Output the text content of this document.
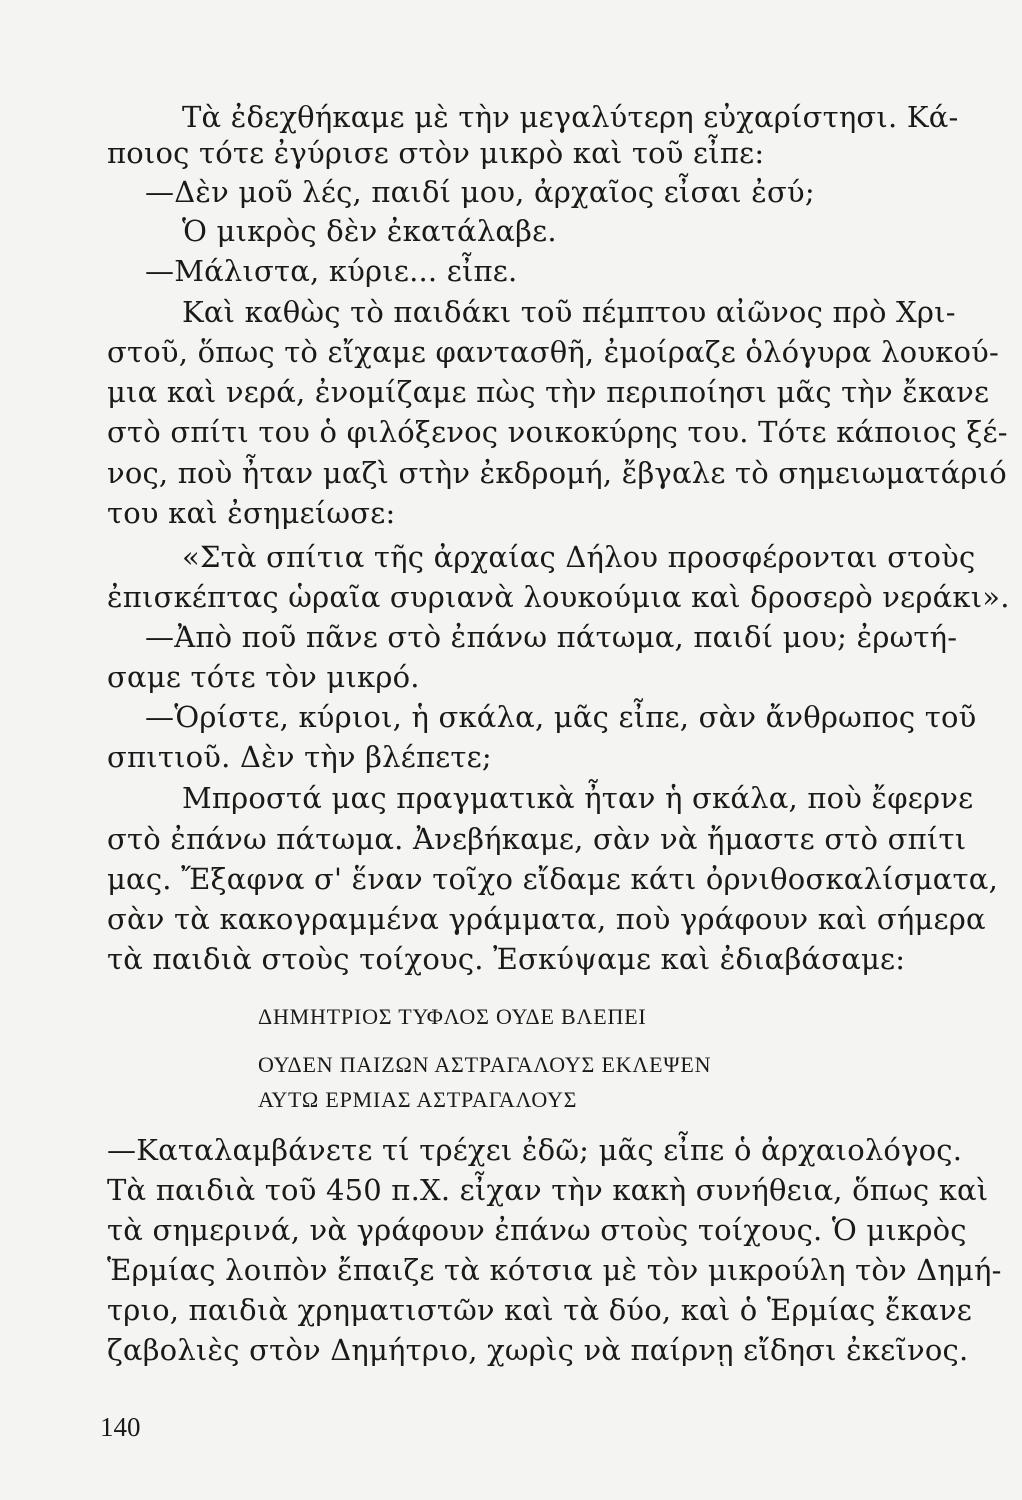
Τὰ ἐδεχθήκαμε μὲ τὴν μεγαλύτερη εὐχαρίστησι. Κά-
ποιος τότε ἐγύρισε στὸν μικρὸ καὶ τοῦ εἶπε:
—Δὲν μοῦ λές, παιδί μου, ἀρχαῖος εἶσαι ἐσύ;
Ὁ μικρὸς δὲν ἐκατάλαβε.
—Μάλιστα, κύριε... εἶπε.
Καὶ καθὼς τὸ παιδάκι τοῦ πέμπτου αἰῶνος πρὸ Χρι-
στοῦ, ὅπως τὸ εἴχαμε φαντασθῆ, ἐμοίραζε ὁλόγυρα λουκού-
μια καὶ νερά, ἐνομίζαμε πὼς τὴν περιποίησι μᾶς τὴν ἔκανε
στὸ σπίτι του ὁ φιλόξενος νοικοκύρης του. Τότε κάποιος ξέ-
νος, ποὺ ἦταν μαζὶ στὴν ἐκδρομή, ἔβγαλε τὸ σημειωματάριό
του καὶ ἐσημείωσε:
«Στὰ σπίτια τῆς ἀρχαίας Δήλου προσφέρονται στοὺς
ἐπισκέπτας ὡραῖα συριανὰ λουκούμια καὶ δροσερὸ νεράκι».
—Ἀπὸ ποῦ πᾶνε στὸ ἐπάνω πάτωμα, παιδί μου; ἐρωτή-
σαμε τότε τὸν μικρό.
—Ὁρίστε, κύριοι, ἡ σκάλα, μᾶς εἶπε, σὰν ἄνθρωπος τοῦ
σπιτιοῦ. Δὲν τὴν βλέπετε;
Μπροστά μας πραγματικὰ ἦταν ἡ σκάλα, ποὺ ἔφερνε
στὸ ἐπάνω πάτωμα. Ἀνεβήκαμε, σὰν νὰ ἤμαστε στὸ σπίτι
μας. Ἔξαφνα σ' ἕναν τοῖχο εἴδαμε κάτι ὀρνιθοσκαλίσματα,
σὰν τὰ κακογραμμένα γράμματα, ποὺ γράφουν καὶ σήμερα
τὰ παιδιὰ στοὺς τοίχους. Ἐσκύψαμε καὶ ἐδιαβάσαμε:
ΔΗΜΗΤΡΙΟΣ ΤΥΦΛΟΣ ΟΥΔΕ ΒΛΕΠΕΙ
ΟΥΔΕΝ ΠΑΙΖΩΝ ΑΣΤΡΑΓΑΛΟΥΣ ΕΚΛΕΨΕΝ
ΑΥΤΩ ΕΡΜΙΑΣ ΑΣΤΡΑΓΑΛΟΥΣ
—Καταλαμβάνετε τί τρέχει ἐδῶ; μᾶς εἶπε ὁ ἀρχαιολόγος.
Τὰ παιδιὰ τοῦ 450 π.Χ. εἶχαν τὴν κακὴ συνήθεια, ὅπως καὶ
τὰ σημερινά, νὰ γράφουν ἐπάνω στοὺς τοίχους. Ὁ μικρὸς
Ἑρμίας λοιπὸν ἔπαιζε τὰ κότσια μὲ τὸν μικρούλη τὸν Δημή-
τριο, παιδιὰ χρηματιστῶν καὶ τὰ δύο, καὶ ὁ Ἑρμίας ἔκανε
ζαβολιὲς στὸν Δημήτριο, χωρὶς νὰ παίρνῃ εἴδησι ἐκεῖνος.
140
